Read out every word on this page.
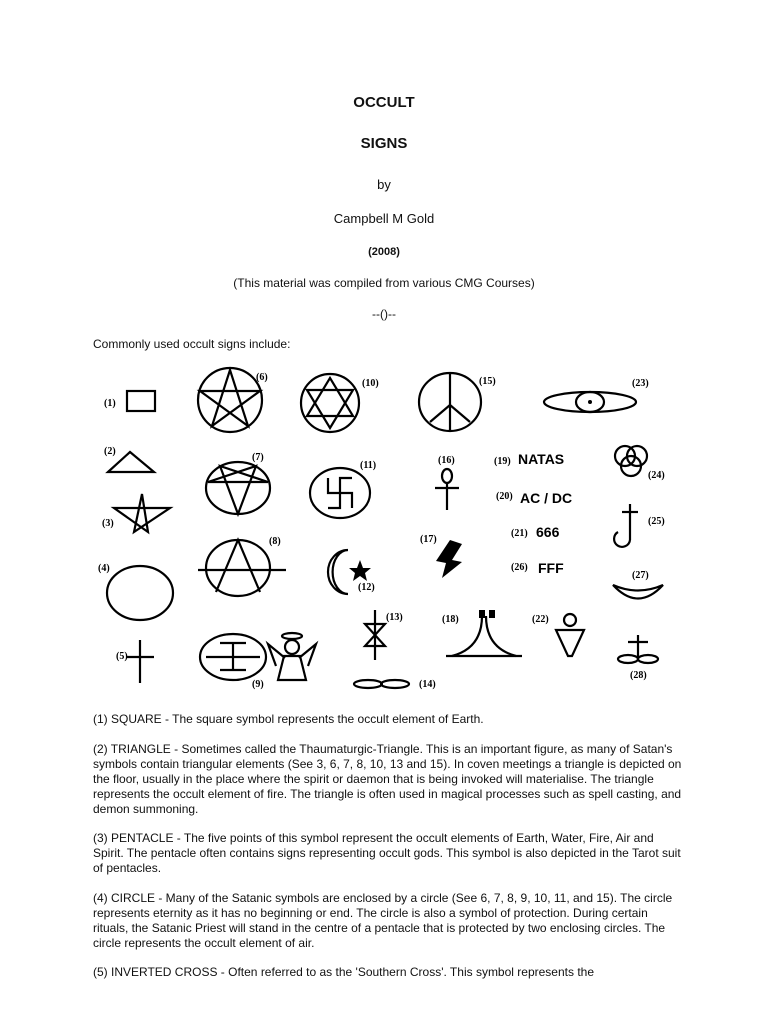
OCCULT
SIGNS
by
Campbell M Gold
(2008)
(This material was compiled from various CMG Courses)
--()--
Commonly used occult signs include:
(1)
(2)
(3)
(4)
(5)
(6)
(7)
(8)
(9)
(10)
(11)
(12)
(13)
(14)
(15)
(16)
(17)
(18)
(19)
(20)
(21)
(22)
(23)
(24)
(25)
(26)
(27)
(28)
NATAS
AC / DC
666
FFF

(1) SQUARE - The square symbol represents the occult element of Earth.

(2) TRIANGLE - Sometimes called the Thaumaturgic-Triangle. This is an important figure, as many of Satan's symbols contain triangular elements (See 3, 6, 7, 8, 10, 13 and 15). In coven meetings a triangle is depicted on the floor, usually in the place where the spirit or daemon that is being invoked will materialise. The triangle represents the occult element of fire. The triangle is often used in magical processes such as spell casting, and demon summoning.

(3) PENTACLE - The five points of this symbol represent the occult elements of Earth, Water, Fire, Air and Spirit. The pentacle often contains signs representing occult gods. This symbol is also depicted in the Tarot suit of pentacles.

(4) CIRCLE - Many of the Satanic symbols are enclosed by a circle (See 6, 7, 8, 9, 10, 11, and 15). The circle represents eternity as it has no beginning or end. The circle is also a symbol of protection. During certain rituals, the Satanic Priest will stand in the centre of a pentacle that is protected by two enclosing circles. The circle represents the occult element of air.

(5) INVERTED CROSS - Often referred to as the 'Southern Cross'. This symbol represents the
